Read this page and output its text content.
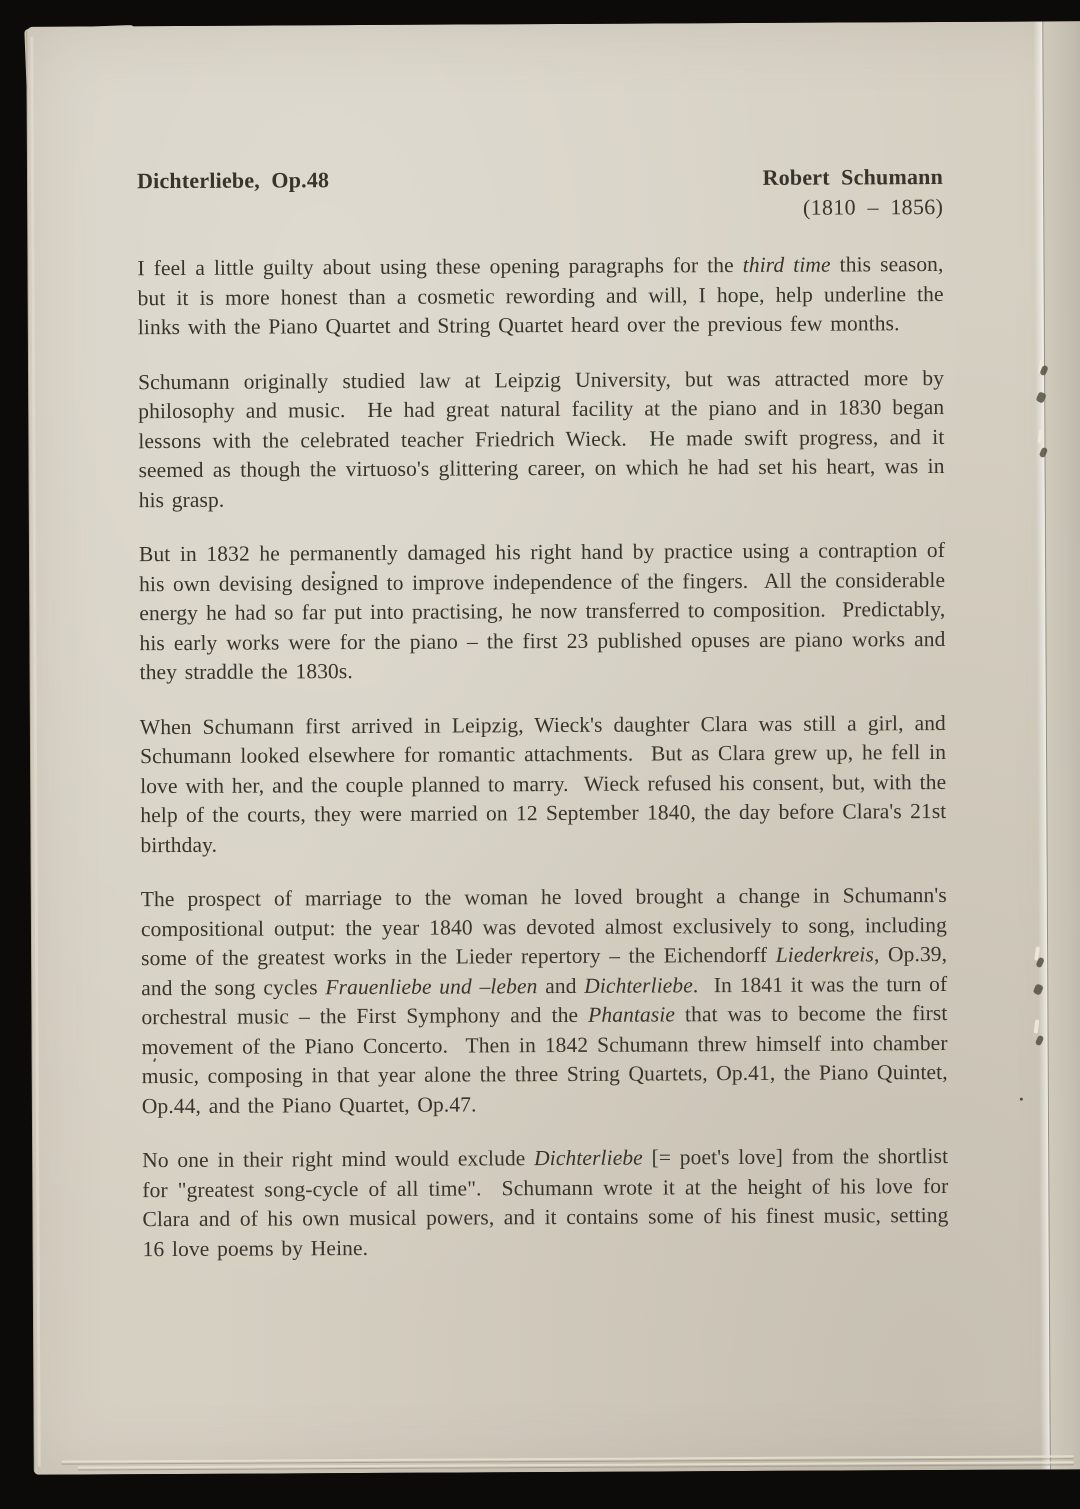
Dichterliebe,  Op.48	Robert  Schumann
(1810  –  1856)

I feel a little guilty about using these opening paragraphs for the third time this season, but it is more honest than a cosmetic rewording and will, I hope, help underline the links with the Piano Quartet and String Quartet heard over the previous few months.

Schumann originally studied law at Leipzig University, but was attracted more by philosophy and music.  He had great natural facility at the piano and in 1830 began lessons with the celebrated teacher Friedrich Wieck.  He made swift progress, and it seemed as though the virtuoso's glittering career, on which he had set his heart, was in his grasp.

But in 1832 he permanently damaged his right hand by practice using a contraption of his own devising designed to improve independence of the fingers.  All the considerable energy he had so far put into practising, he now transferred to composition.  Predictably, his early works were for the piano – the first 23 published opuses are piano works and they straddle the 1830s.

When Schumann first arrived in Leipzig, Wieck's daughter Clara was still a girl, and Schumann looked elsewhere for romantic attachments.  But as Clara grew up, he fell in love with her, and the couple planned to marry.  Wieck refused his consent, but, with the help of the courts, they were married on 12 September 1840, the day before Clara's 21st birthday.

The prospect of marriage to the woman he loved brought a change in Schumann's compositional output: the year 1840 was devoted almost exclusively to song, including some of the greatest works in the Lieder repertory – the Eichendorff Liederkreis, Op.39, and the song cycles Frauenliebe und –leben and Dichterliebe.  In 1841 it was the turn of orchestral music – the First Symphony and the Phantasie that was to become the first movement of the Piano Concerto.  Then in 1842 Schumann threw himself into chamber music, composing in that year alone the three String Quartets, Op.41, the Piano Quintet, Op.44, and the Piano Quartet, Op.47.

No one in their right mind would exclude Dichterliebe [= poet's love] from the shortlist for "greatest song-cycle of all time".  Schumann wrote it at the height of his love for Clara and of his own musical powers, and it contains some of his finest music, setting 16 love poems by Heine.
